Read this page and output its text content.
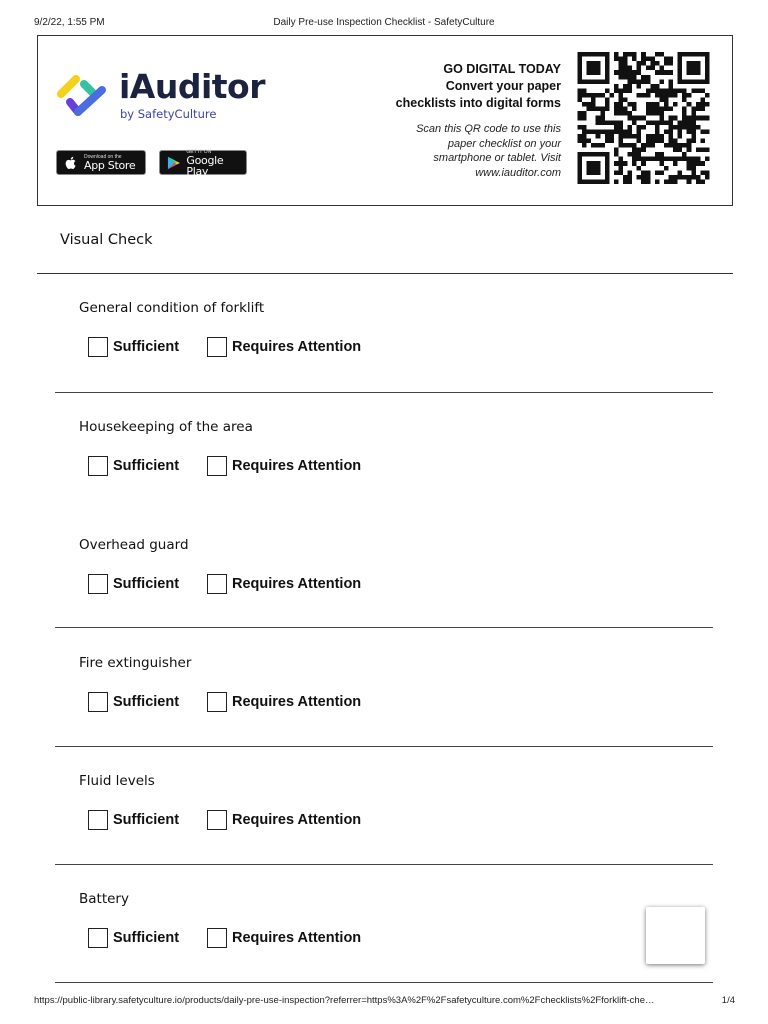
9/2/22, 1:55 PM	Daily Pre-use Inspection Checklist - SafetyCulture
iAuditor
by SafetyCulture
Download on the
App Store
GET IT ON
Google Play
GO DIGITAL TODAY
Convert your paper
checklists into digital forms
Scan this QR code to use this
paper checklist on your
smartphone or tablet. Visit
www.iauditor.com
Visual Check
General condition of forklift
Sufficient	Requires Attention
Housekeeping of the area
Sufficient	Requires Attention
Overhead guard
Sufficient	Requires Attention
Fire extinguisher
Sufficient	Requires Attention
Fluid levels
Sufficient	Requires Attention
Battery
Sufficient	Requires Attention
https://public-library.safetyculture.io/products/daily-pre-use-inspection?referrer=https%3A%2F%2Fsafetyculture.com%2Fchecklists%2Fforklift-che…	1/4
